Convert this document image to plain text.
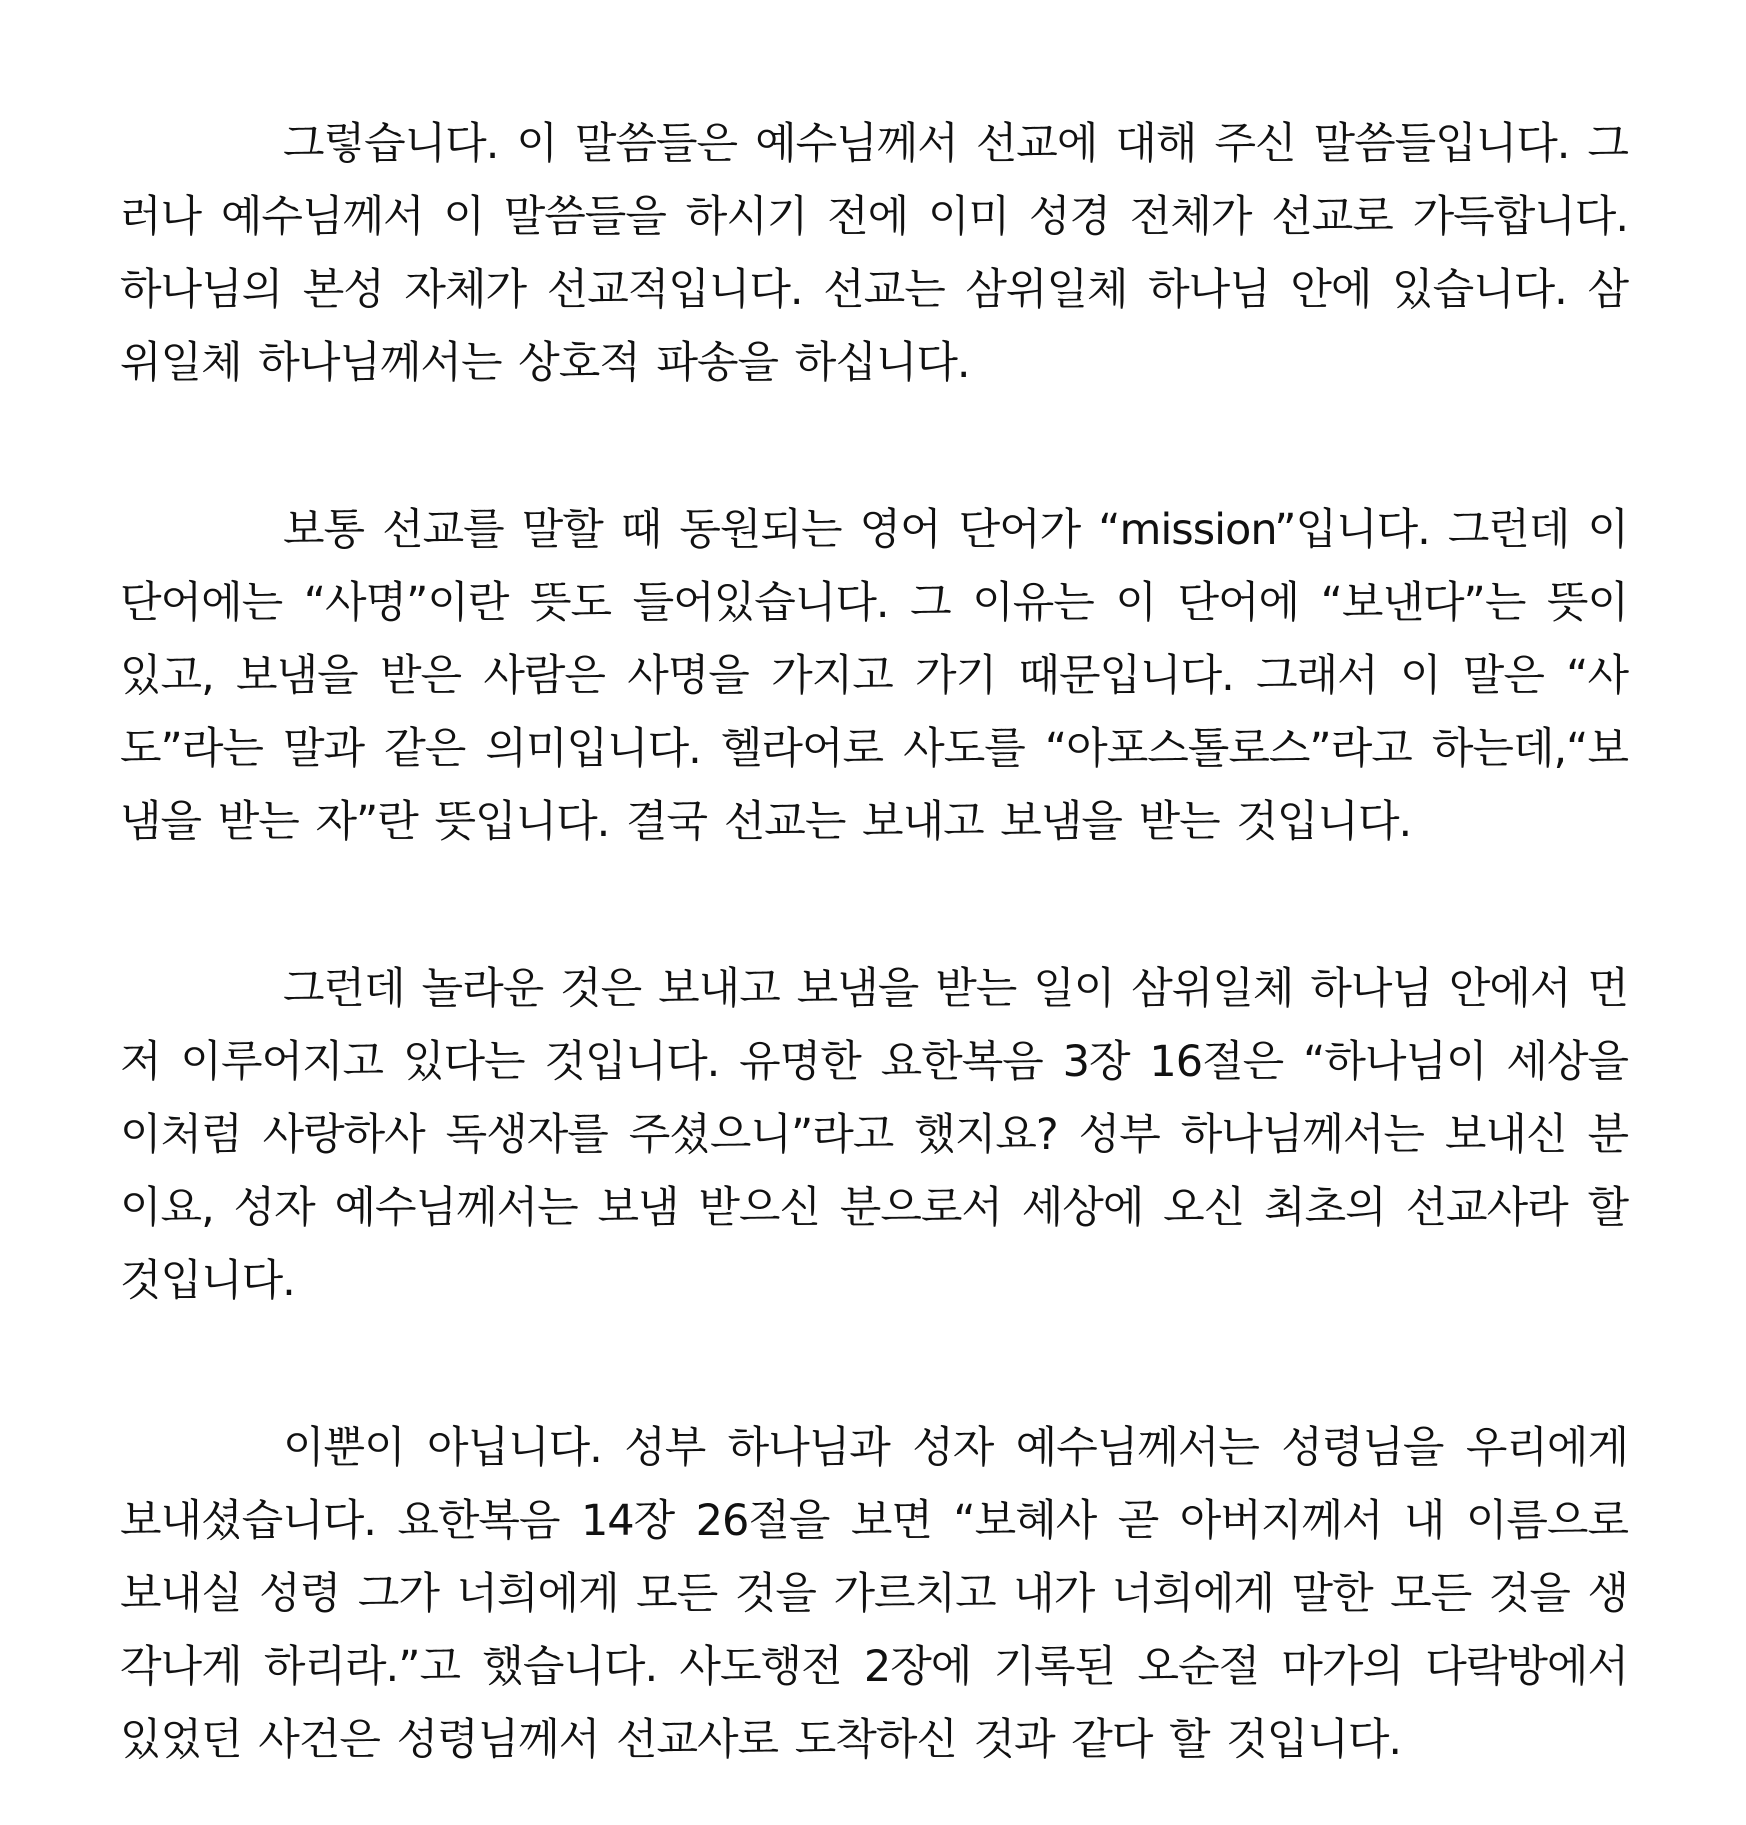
그렇습니다. 이 말씀들은 예수님께서 선교에 대해 주신 말씀들입니다. 그러나 예수님께서 이 말씀들을 하시기 전에 이미 성경 전체가 선교로 가득합니다. 하나님의 본성 자체가 선교적입니다. 선교는 삼위일체 하나님 안에 있습니다. 삼위일체 하나님께서는 상호적 파송을 하십니다.

보통 선교를 말할 때 동원되는 영어 단어가 “mission”입니다. 그런데 이 단어에는 “사명”이란 뜻도 들어있습니다. 그 이유는 이 단어에 “보낸다”는 뜻이 있고, 보냄을 받은 사람은 사명을 가지고 가기 때문입니다. 그래서 이 말은 “사도”라는 말과 같은 의미입니다. 헬라어로 사도를 “아포스톨로스”라고 하는데,“보냄을 받는 자”란 뜻입니다. 결국 선교는 보내고 보냄을 받는 것입니다.

그런데 놀라운 것은 보내고 보냄을 받는 일이 삼위일체 하나님 안에서 먼저 이루어지고 있다는 것입니다. 유명한 요한복음 3장 16절은 “하나님이 세상을 이처럼 사랑하사 독생자를 주셨으니”라고 했지요? 성부 하나님께서는 보내신 분이요, 성자 예수님께서는 보냄 받으신 분으로서 세상에 오신 최초의 선교사라 할 것입니다.

이뿐이 아닙니다. 성부 하나님과 성자 예수님께서는 성령님을 우리에게 보내셨습니다. 요한복음 14장 26절을 보면 “보혜사 곧 아버지께서 내 이름으로 보내실 성령 그가 너희에게 모든 것을 가르치고 내가 너희에게 말한 모든 것을 생각나게 하리라.”고 했습니다. 사도행전 2장에 기록된 오순절 마가의 다락방에서 있었던 사건은 성령님께서 선교사로 도착하신 것과 같다 할 것입니다.
